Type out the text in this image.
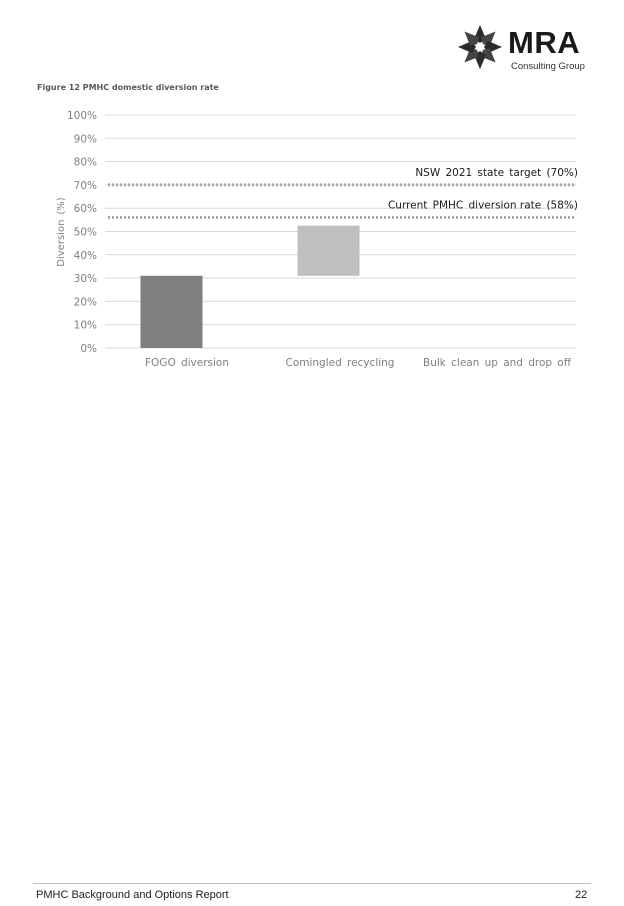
MRA
Consulting Group
Figure 12 PMHC domestic diversion rate
NSW 2021 state target (70%)
Current PMHC diversion rate (58%)
0%
10%
20%
30%
40%
50%
60%
70%
80%
90%
100%
FOGO diversion	Comingled recycling	Bulk clean up and drop off
Diversion (%)
PMHC Background and Options Report	22
